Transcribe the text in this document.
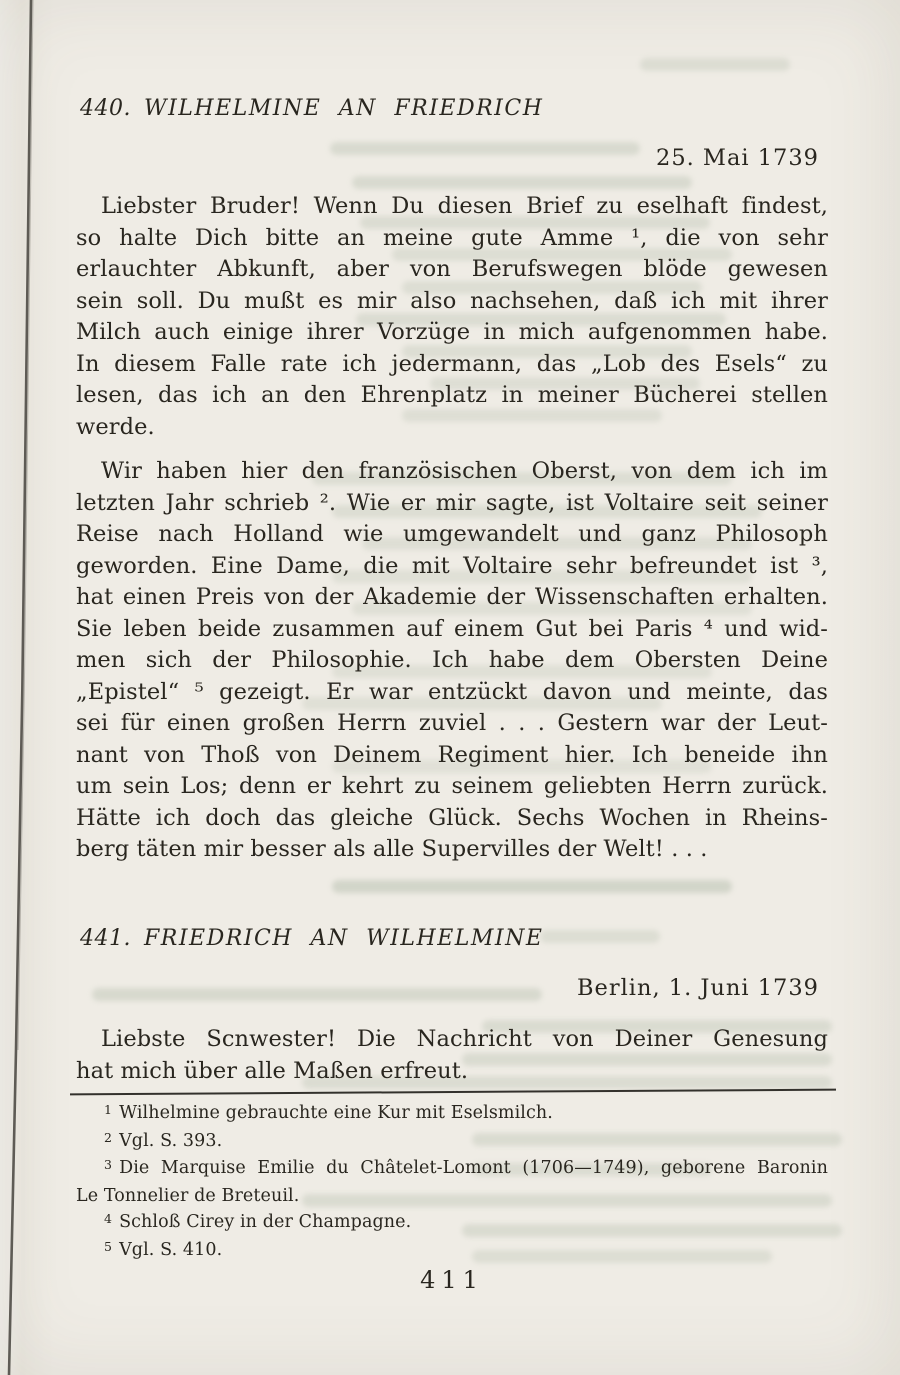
440. WILHELMINE AN FRIEDRICH
25. Mai 1739
Liebster Bruder! Wenn Du diesen Brief zu eselhaft findest,
so halte Dich bitte an meine gute Amme ¹, die von sehr
erlauchter Abkunft, aber von Berufswegen blöde gewesen
sein soll. Du mußt es mir also nachsehen, daß ich mit ihrer
Milch auch einige ihrer Vorzüge in mich aufgenommen habe.
In diesem Falle rate ich jedermann, das „Lob des Esels“ zu
lesen, das ich an den Ehrenplatz in meiner Bücherei stellen
werde.
Wir haben hier den französischen Oberst, von dem ich im
letzten Jahr schrieb ². Wie er mir sagte, ist Voltaire seit seiner
Reise nach Holland wie umgewandelt und ganz Philosoph
geworden. Eine Dame, die mit Voltaire sehr befreundet ist ³,
hat einen Preis von der Akademie der Wissenschaften erhalten.
Sie leben beide zusammen auf einem Gut bei Paris ⁴ und wid-
men sich der Philosophie. Ich habe dem Obersten Deine
„Epistel“ ⁵ gezeigt. Er war entzückt davon und meinte, das
sei für einen großen Herrn zuviel . . . Gestern war der Leut-
nant von Thoß von Deinem Regiment hier. Ich beneide ihn
um sein Los; denn er kehrt zu seinem geliebten Herrn zurück.
Hätte ich doch das gleiche Glück. Sechs Wochen in Rheins-
berg täten mir besser als alle Supervilles der Welt! . . .
441. FRIEDRICH AN WILHELMINE
Berlin, 1. Juni 1739
Liebste Scnwester! Die Nachricht von Deiner Genesung
hat mich über alle Maßen erfreut.
$^1$ Wilhelmine gebrauchte eine Kur mit Eselsmilch.
$^2$ Vgl. S. 393.
$^3$ Die Marquise Emilie du Châtelet-Lomont (1706—1749), geborene Baronin
Le Tonnelier de Breteuil.
$^4$ Schloß Cirey in der Champagne.
$^5$ Vgl. S. 410.
411
